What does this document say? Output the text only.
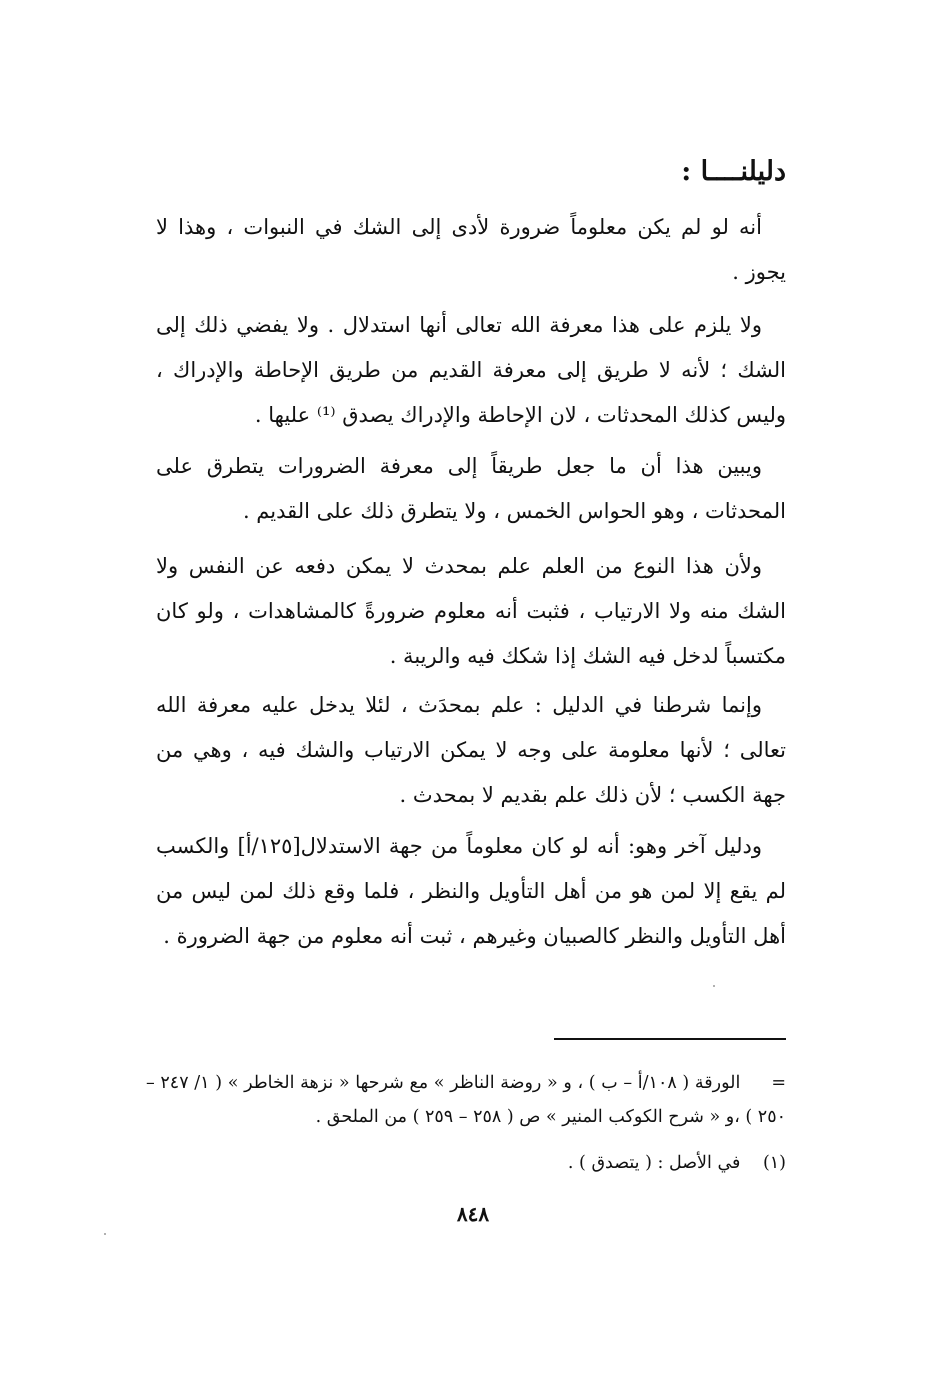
دليلنــــا :
أنه لو لم يكن معلوماً ضرورة لأدى إلى الشك في النبوات ، وهذا لا يجوز .
ولا يلزم على هذا معرفة الله تعالى أنها استدلال . ولا يفضي ذلك إلى الشك ؛ لأنه لا طريق إلى معرفة القديم من طريق الإحاطة والإدراك ، وليس كذلك المحدثات ، لان الإحاطة والإدراك يصدق ⁽¹⁾ عليها .
ويبين هذا أن ما جعل طريقاً إلى معرفة الضرورات يتطرق على المحدثات ، وهو الحواس الخمس ، ولا يتطرق ذلك على القديم .
ولأن هذا النوع من العلم علم بمحدث لا يمكن دفعه عن النفس ولا الشك منه ولا الارتياب ، فثبت أنه معلوم ضرورةً كالمشاهدات ، ولو كان مكتسباً لدخل فيه الشك إذا شكك فيه والريبة .
وإنما شرطنا في الدليل : علم بمحدَث ، لئلا يدخل عليه معرفة الله تعالى ؛ لأنها معلومة على وجه لا يمكن الارتياب والشك فيه ، وهي من جهة الكسب ؛ لأن ذلك علم بقديم لا بمحدث .
ودليل آخر وهو: أنه لو كان معلوماً من جهة الاستدلال[١٢٥/أ] والكسب لم يقع إلا لمن هو من أهل التأويل والنظر ، فلما وقع ذلك لمن ليس من أهل التأويل والنظر كالصبيان وغيرهم ، ثبت أنه معلوم من جهة الضرورة .
= الورقة ( ١٠٨/أ – ب ) ، و « روضة الناظر » مع شرحها « نزهة الخاطر » ( ١/ ٢٤٧ – ٢٥٠ ) ،و « شرح الكوكب المنير » ص ( ٢٥٨ – ٢٥٩ ) من الملحق .
(١) في الأصل : ( يتصدق ) .
٨٤٨
